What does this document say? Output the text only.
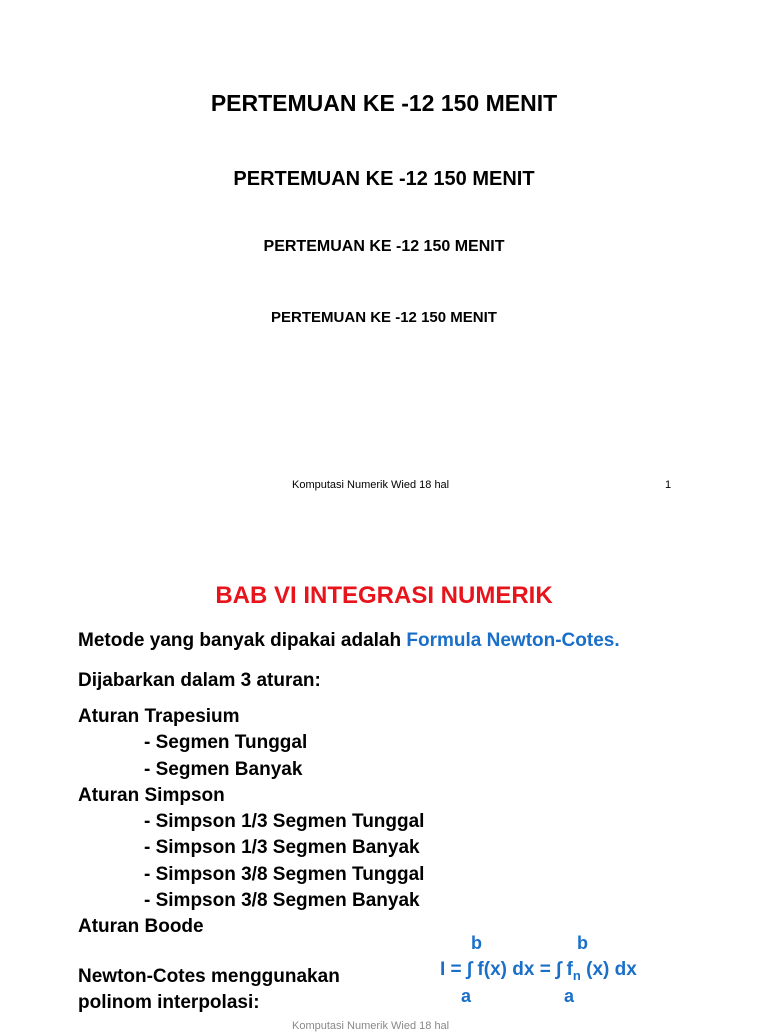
PERTEMUAN KE -12 150 MENIT
PERTEMUAN KE -12 150 MENIT
PERTEMUAN KE -12 150 MENIT
PERTEMUAN KE -12 150 MENIT
Komputasi Numerik Wied 18 hal	1
BAB VI INTEGRASI NUMERIK
Metode yang banyak dipakai adalah Formula Newton-Cotes.
Dijabarkan dalam 3 aturan:
Aturan Trapesium
- Segmen Tunggal
- Segmen Banyak
Aturan Simpson
- Simpson 1/3 Segmen Tunggal
- Simpson 1/3 Segmen Banyak
- Simpson 3/8 Segmen Tunggal
- Simpson 3/8 Segmen Banyak
Aturan Boode
Newton-Cotes menggunakan
polinom interpolasi:
b	b
I = ∫ f(x) dx = ∫ $f_n$ (x) dx
a	a
Komputasi Numerik Wied 18 hal
